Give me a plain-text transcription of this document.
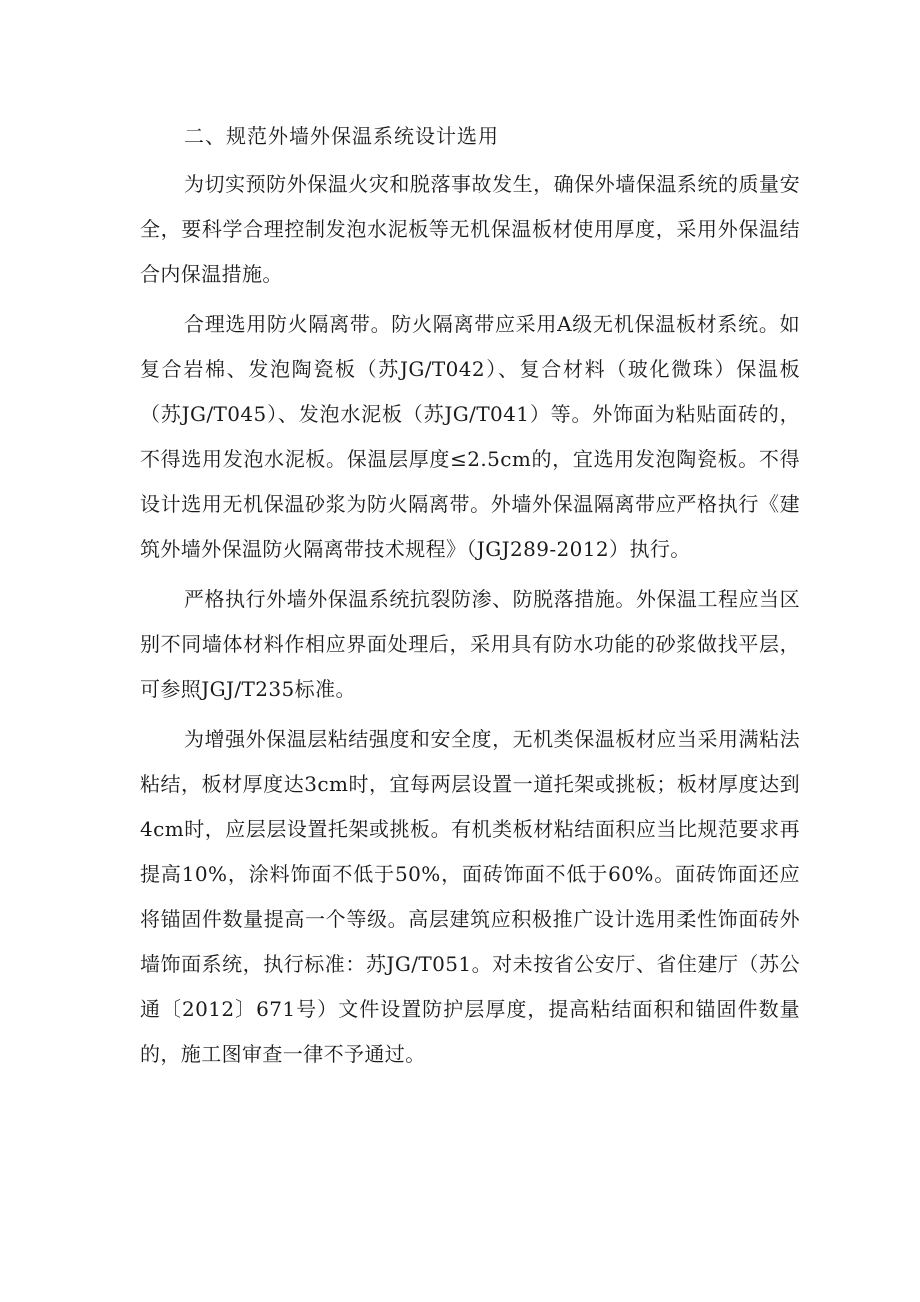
二、规范外墙外保温系统设计选用

为切实预防外保温火灾和脱落事故发生，确保外墙保温系统的质量安全，要科学合理控制发泡水泥板等无机保温板材使用厚度，采用外保温结合内保温措施。

合理选用防火隔离带。防火隔离带应采用A级无机保温板材系统。如复合岩棉、发泡陶瓷板（苏JG/T042）、复合材料（玻化微珠）保温板（苏JG/T045）、发泡水泥板（苏JG/T041）等。外饰面为粘贴面砖的，不得选用发泡水泥板。保温层厚度≤2.5cm的，宜选用发泡陶瓷板。不得设计选用无机保温砂浆为防火隔离带。外墙外保温隔离带应严格执行《建筑外墙外保温防火隔离带技术规程》（JGJ289-2012）执行。

严格执行外墙外保温系统抗裂防渗、防脱落措施。外保温工程应当区别不同墙体材料作相应界面处理后，采用具有防水功能的砂浆做找平层，可参照JGJ/T235标准。

为增强外保温层粘结强度和安全度，无机类保温板材应当采用满粘法粘结，板材厚度达3cm时，宜每两层设置一道托架或挑板；板材厚度达到4cm时，应层层设置托架或挑板。有机类板材粘结面积应当比规范要求再提高10%，涂料饰面不低于50%，面砖饰面不低于60%。面砖饰面还应将锚固件数量提高一个等级。高层建筑应积极推广设计选用柔性饰面砖外墙饰面系统，执行标准：苏JG/T051。对未按省公安厅、省住建厅（苏公通〔2012〕671号）文件设置防护层厚度，提高粘结面积和锚固件数量的，施工图审查一律不予通过。
